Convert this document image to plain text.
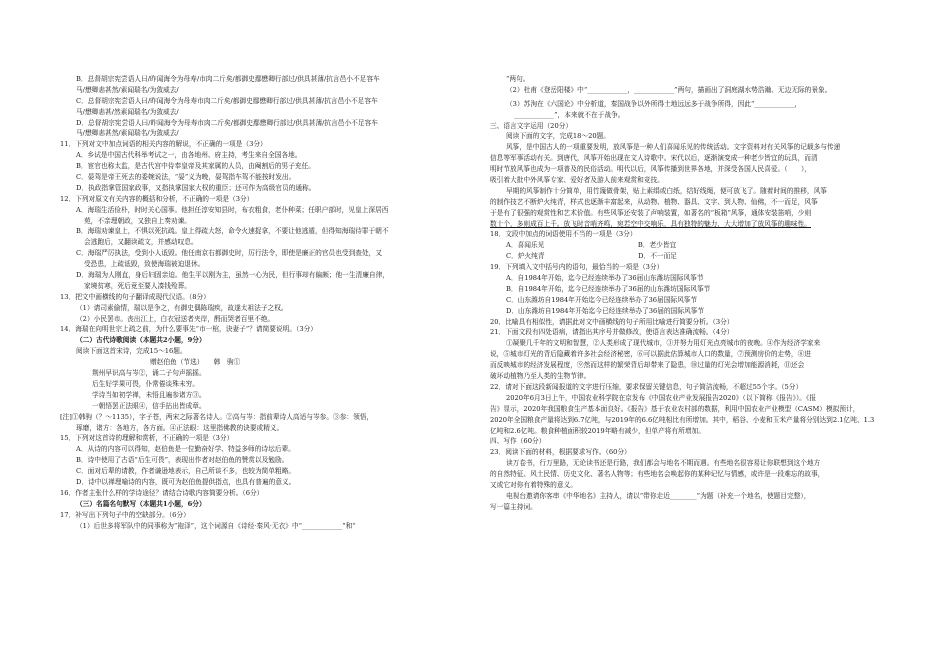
B．总督胡宗宪尝语人曰/昨闻海令为母寿/市肉二斤矣/都御史鄢懋卿行部过/供具甚薄/抗言邑小不足容车
马/懋卿恚甚然/素闻瑞名/为敛威去/
C．总督胡宗宪尝语人曰/昨闻海令为母寿市肉二斤矣/都御史鄢懋卿行部过/供具甚薄/抗言邑小不足容车
马/懋卿恚甚/然素闻瑞名/为敛威去/
D．总督胡宗宪尝语人曰/昨闻海令为母寿市肉二斤矣/都御史鄢懋卿行部过/供具甚薄/抗言邑小不足容车
马/懋卿恚甚然/素闻瑞名/为敛威去/
11．下列对文中加点词语的相关内容的解说，不正确的一项是（3分）
A．乡试是中国古代科举考试之一，由各地州、府主持，考生来自全国各地。
B．宦官也称太监，是古代宫中侍奉皇帝及其家属的人员，由阉割后的男子充任。
C．晏驾是帝王死去的委婉说法，“晏”义为晚，晏驾指车驾不能按时发出。
D．执政指掌管国家政事，又指执掌国家大权的重臣；还可作为高级官员的通称。
12．下列对原文有关内容的概括和分析，不正确的一项是（3分）
A．海瑞生活俭朴，时时关心国事。他担任淳安知县时，布衣粗食，老仆种菜；任职户部时，见皇上深居西
苑，不亲理朝政，又独自上奏劝谏。
B．海瑞劝谏皇上，不惧以死抗疏。皇上得疏大怒，命令火速捉拿，不要让他逃遁，但得知海瑞待罪于朝不
会逃跑后，又翻读疏文，并感动叹息。
C．海瑞严厉执法，受到小人诋毁。他任南京右都御史时，厉行法令，即使是廉正的官员也受到查处，又
受恐患，上疏诋毁，致使海瑞被迫退休。
D．海瑞为人刚直，身后妇固亲迫。他生平以刚为主，虽然一心为民，但行事却有偏颇；他一生清廉自律，
家境贫寒，死后竟至要人凑钱殓葬。
13．把文中画横线的句子翻译成现代汉语。（8分）
（1）请司素偷情，瑞以是争之，有御史偶陈瑞疾，故遂太祖法子之权。
（2）小民罢市。丧出江上，白衣冠送者夹岸，酹而哭者百里不绝。
14．海瑞在向明世宗上疏之前，为什么要事先“市一棺，诀妻子”？请简要说明。（3分）
（二）古代诗歌阅读（本题共2小题，9分）
阅读下面这首宋诗，完成15～16题。
赠赵伯鱼（节选）　　韩　驹①
荆州早识高与岑②，诵二子句声摇摇。
后生好学果可畏，仆常倦谈殊未穷。
学诗当如初学禅，未悟且遍参诸方③。
一朝悟罢正法眼④，信手拈出皆成章。
[注]①韩驹（？～1135），字子苍，两宋之际著名诗人。②高与岑：指前辈诗人高适与岑参。③参：领悟，
琢磨，诸方：各地方，各方面。④正法眼：这里指佛教的诀要或精义。
15．下列对这首诗的理解和赏析，不正确的一项是（3分）
A．从诗的内容可以得知，赵伯鱼是一位勤奋好学、特益多师的诗坛后辈。
B．诗中使用了古语“后生可畏”，表现出作者对赵伯鱼的赞赏以及勉励。
C．面对后辈的请教，作者谦逊地表示，自己所谈不多，也较为简单粗略。
D．诗中以禅理喻诗的内容，既可为赵伯鱼提供指点，也具有普遍的意义。
16．作者主张什么样的学诗途径？请结合诗歌内容简要分析。（6分）
（三）名篇名句默写（本题共1小题，6分）
17．补写出下列句子中的空缺部分。（6分）
（1）后世多将军队中的同事称为“袍泽”，这个词源自《诗经·秦风·无衣》中“____________”和“
”两句。
（2）杜甫《登岳阳楼》中“____________，____________”两句，描画出了洞庭湖水势浩瀚、无边无际的景象。
（3）苏洵在《六国论》中分析道，秦国战争以外所得土地远远多于战争所得，因此“____________，
____________”，本来就不在于战争。
三、语言文字运用（20分）
阅读下面的文字，完成18～20题。
风筝，是中国古人的一项重要发明，放风筝是一种人们喜闻乐见的传统活动。文字资料对有关风筝的记载多与传递
信息等军事活动有关。到唐代，风筝开始出现在文人诗歌中。宋代以后，逐渐演变成一种老少皆宜的玩具，而清
明时节放风筝也成为一项普及的民俗活动。明代以后，风筝传播到世界各地，并深受各国人民喜爱。（　　），
吸引着大批中外风筝专家、爱好者及游人前来观赏和竞技。
早期的风筝制作十分简单，用竹篾做骨架，贴上素绢或白纸，结好线绳，便可放飞了。随着时间的推移，风筝
的制作技艺不断炉火纯青，样式也逐渐丰富起来，从动物、植物、器具、文字、到人物、仙佛，不一而足，风筝
于是有了很强的观赏性和艺术价值。有些风筝还安装了声响装置，如著名的“板箱”风筝，通体安装笛哨，少则
数十个，多则成百上千。放飞时音哨齐鸣，宛若空中交响乐，具有独特的魅力，大大增加了放风筝的趣味性。
18．文段中加点的词语使用不当的一项是（3分）
A．喜闻乐见　　　　　　　　　　　　　　B．老少皆宜
C．炉火纯青　　　　　　　　　　　　　　D．不一而足
19．下列填入文中括号内的语句，最恰当的一项是（3分）
A．自1984年开始，迄今已经连续举办了36届山东潍坊国际风筝节
B．自1984年开始，迄今已经连续举办了36届的山东潍坊国际风筝节
C．山东潍坊自1984年开始迄今已经连续举办了36届国际风筝节
D．山东潍坊自1984年开始迄今已经连续举办了36届的国际风筝节
20．比喻具有相似性，请据此对文中画横线的句子所用比喻进行简要分析。（3分）
21．下面文段有四处语病，请指出其序号并做修改，使语言表达准确流畅。（4分）
①凝聚几千年的文明和智慧，②人类形成了现代城市，③并努力用灯光点亮城市的夜晚。④作为经济学家来
说，⑤城市灯光的背后隐藏着许多社会经济秘密，⑥可以据此估算城市人口的数量，⑦预测房价的走势，⑧进
而反映城市的经济发展程度，⑨然而这样的繁荣背后却带来了隐患，⑩过量的灯光会增加能源消耗，⑪还会
破坏动植物乃至人类的生物节律。
22．请对下面这段新闻报道的文字进行压缩，要求保留关键信息，句子简洁流畅，不超过55个字。（5分）
2020年6月3日上午，中国农业科学院在京发布《中国农业产业发展报告2020》（以下简称《报告》）。《报
告》显示，2020年我国粮食生产基本面良好。《报告》基于农业农村部的数据，利用中国农业产业模型（CASM）模拟预计，
2020年全国粮食产量将达到6.7亿吨，与2019年的6.6亿吨相比有所增加。其中，稻谷、小麦和玉米产量将分别达到2.1亿吨、1.3
亿吨和2.6亿吨。粮食种植面积较2019年略有减少，但单产将有所增加。
四、写作（60分）
23．阅读下面的材料，根据要求写作。（60分）
读万卷书，行万里路，无论读书还是行路，我们都会与地名不期而遇。有些地名很容易让你联想到这个地方
的自然特征、风土民情、历史文化、著名人物等；有些地名会唤起你的某种记忆与情感，或许是一段难忘的故事，
又或它对你有着特殊的意义。
电视台邀请你客串《中华地名》主持人，请以“带你走近________”为题（补充一个地名，使题目完整），
写一篇主持词。
